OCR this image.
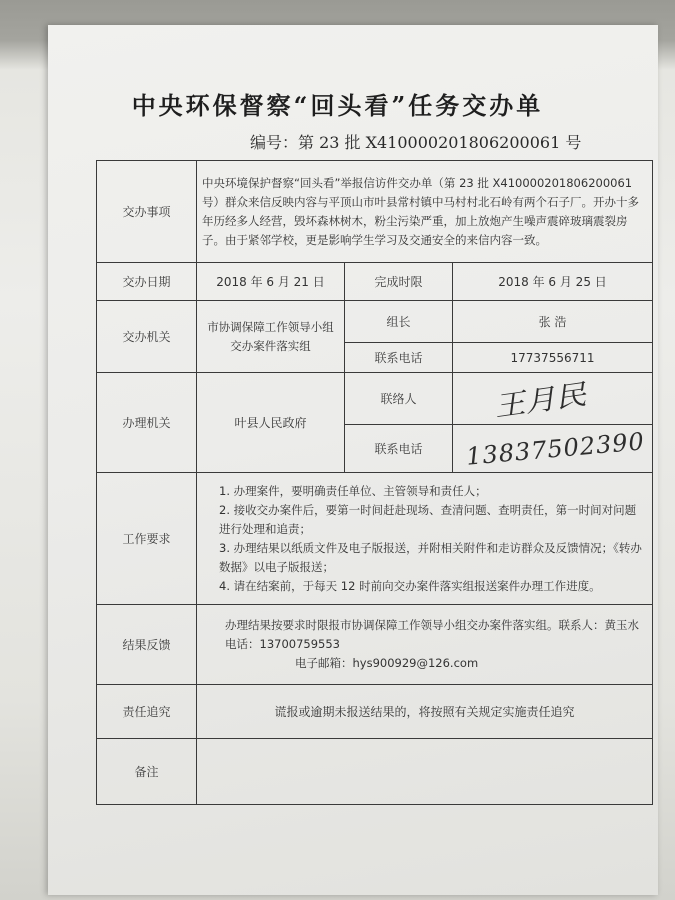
中央环保督察“回头看”任务交办单
编号：第 23 批 X410000201806200061 号
交办事项	中央环境保护督察“回头看”举报信访件交办单（第 23 批 X410000201806200061 号）群众来信反映内容与平顶山市叶县常村镇中马村村北石岭有两个石子厂。开办十多年历经多人经营，毁坏森林树木，粉尘污染严重，加上放炮产生噪声震碎玻璃震裂房子。由于紧邻学校，更是影响学生学习及交通安全的来信内容一致。		
交办日期	2018 年 6 月 21 日	完成时限	2018 年 6 月 25 日
交办机关	市协调保障工作领导小组交办案件落实组	组长	张 浩
		联系电话	17737556711
办理机关	叶县人民政府	联络人	王月民
		联系电话	13837502390
工作要求	1. 办理案件，要明确责任单位、主管领导和责任人；
2. 接收交办案件后，要第一时间赶赴现场、查清问题、查明责任，第一时间对问题进行处理和追责；
3. 办理结果以纸质文件及电子版报送，并附相关附件和走访群众及反馈情况；《转办数据》以电子版报送；
4. 请在结案前，于每天 12 时前向交办案件落实组报送案件办理工作进度。		

结果反馈	办理结果按要求时限报市协调保障工作领导小组交办案件落实组。联系人：黄玉水 电话：13700759553
电子邮箱：hys900929@126.com		

责任追究	谎报或逾期未报送结果的，将按照有关规定实施责任追究		
备注			
